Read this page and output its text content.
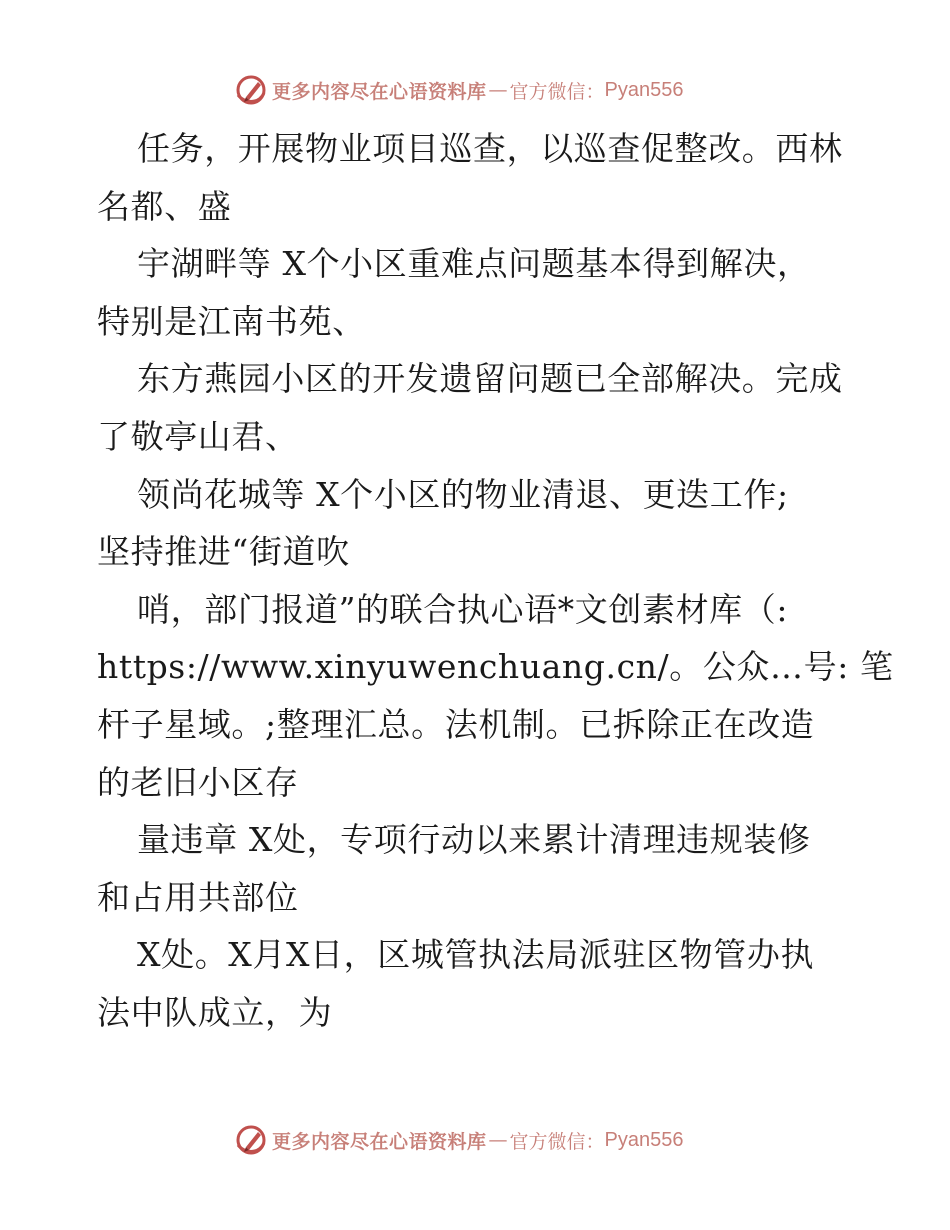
更多内容尽在心语资料库 — 官方微信： Pyan556
任务，开展物业项目巡查，以巡查促整改。西林
名都、盛
宇湖畔等 X个小区重难点问题基本得到解决，
特别是江南书苑、
东方燕园小区的开发遗留问题已全部解决。完成
了敬亭山君、
领尚花城等 X个小区的物业清退、更迭工作;
坚持推进“街道吹
哨，部门报道”的联合执心语*文创素材库（:
https://www.xinyuwenchuang.cn/。公众…号: 笔
杆子星域。;整理汇总。法机制。已拆除正在改造
的老旧小区存
量违章 X处，专项行动以来累计清理违规装修
和占用共部位
X处。X月X日，区城管执法局派驻区物管办执
法中队成立，为
更多内容尽在心语资料库 — 官方微信： Pyan556
